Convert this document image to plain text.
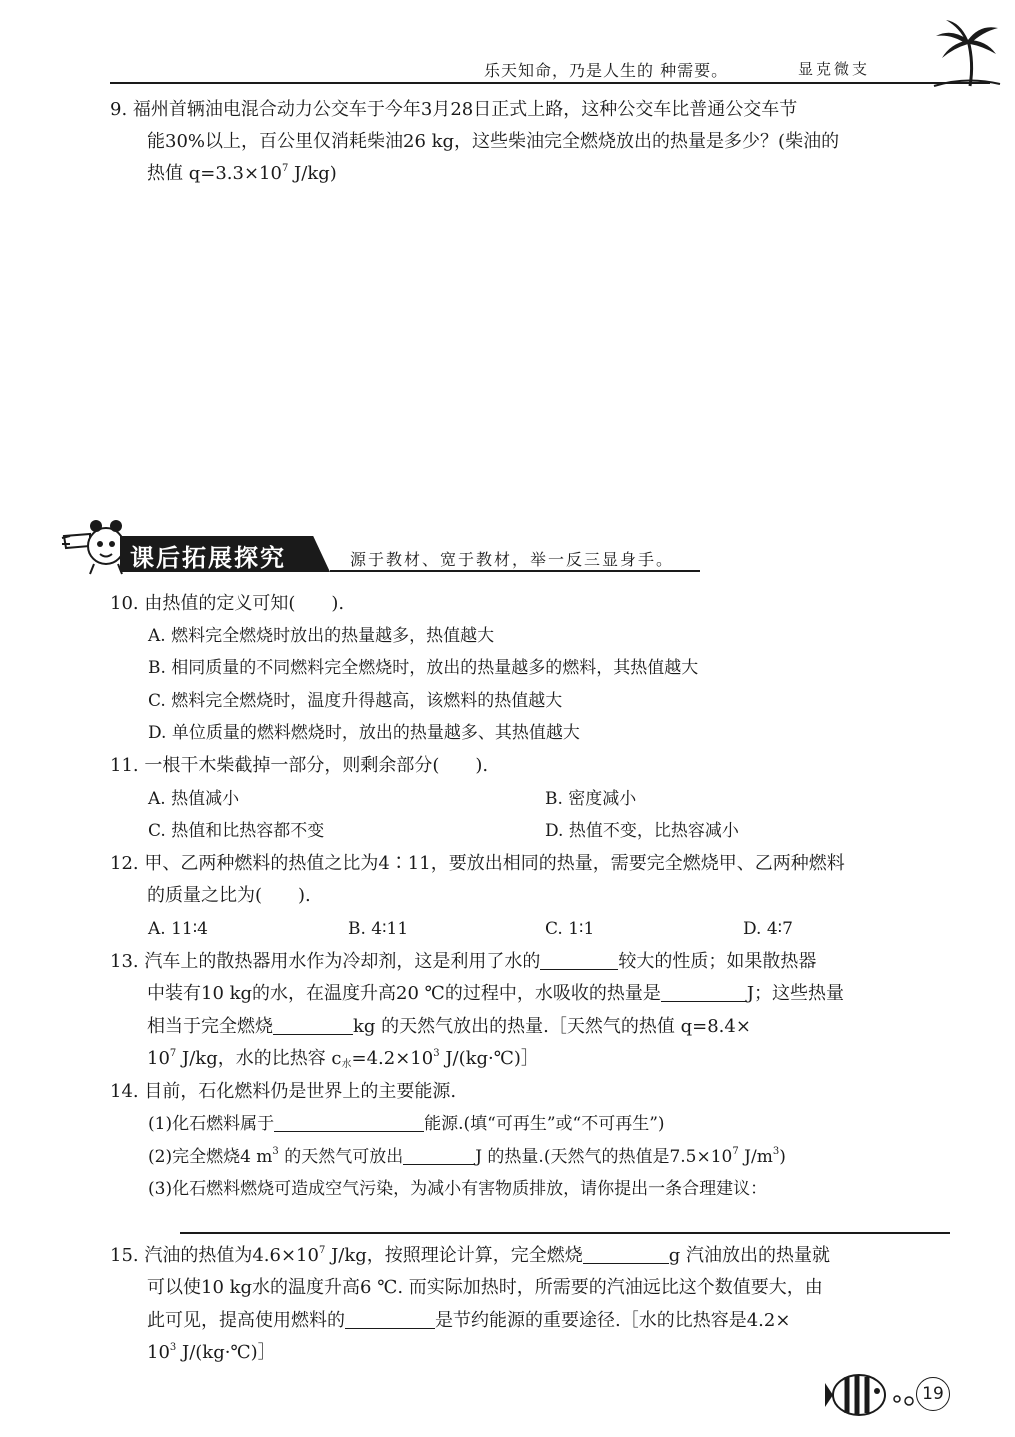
乐天知命，乃是人生的 种需要。	显克微支
9. 福州首辆油电混合动力公交车于今年3月28日正式上路，这种公交车比普通公交车节
能30%以上，百公里仅消耗柴油26 kg，这些柴油完全燃烧放出的热量是多少？(柴油的
热值 $q=3.3\times 10^7$ J/kg)
课后拓展探究	源于教材、宽于教材，举一反三显身手。
10. 由热值的定义可知(　　).
A. 燃料完全燃烧时放出的热量越多，热值越大
B. 相同质量的不同燃料完全燃烧时，放出的热量越多的燃料，其热值越大
C. 燃料完全燃烧时，温度升得越高，该燃料的热值越大
D. 单位质量的燃料燃烧时，放出的热量越多、其热值越大
11. 一根干木柴截掉一部分，则剩余部分(　　).
A. 热值减小	B. 密度减小
C. 热值和比热容都不变	D. 热值不变，比热容减小
12. 甲、乙两种燃料的热值之比为4∶11，要放出相同的热量，需要完全燃烧甲、乙两种燃料
的质量之比为(　　).
A. 11∶4	B. 4∶11	C. 1∶1	D. 4∶7
13. 汽车上的散热器用水作为冷却剂，这是利用了水的	较大的性质；如果散热器
中装有10 kg的水，在温度升高20 ℃的过程中，水吸收的热量是	J；这些热量
相当于完全燃烧	kg 的天然气放出的热量.［天然气的热值 q=8.4×
$10^7$ J/kg，水的比热容 $c_水=4.2\times 10^3$ J/(kg·℃)］
14. 目前，石化燃料仍是世界上的主要能源.
(1)化石燃料属于	能源.(填“可再生”或“不可再生”)
(2)完全燃烧4 $m^3$ 的天然气可放出	J 的热量.(天然气的热值是$7.5\times 10^7$ $J/m^3$)
(3)化石燃料燃烧可造成空气污染，为减小有害物质排放，请你提出一条合理建议：
15. 汽油的热值为$4.6\times 10^7$ J/kg，按照理论计算，完全燃烧	g 汽油放出的热量就
可以使10 kg水的温度升高6 ℃. 而实际加热时，所需要的汽油远比这个数值要大，由
此可见，提高使用燃料的	是节约能源的重要途径.［水的比热容是4.2×
$10^3$ J/(kg·℃)］
19
